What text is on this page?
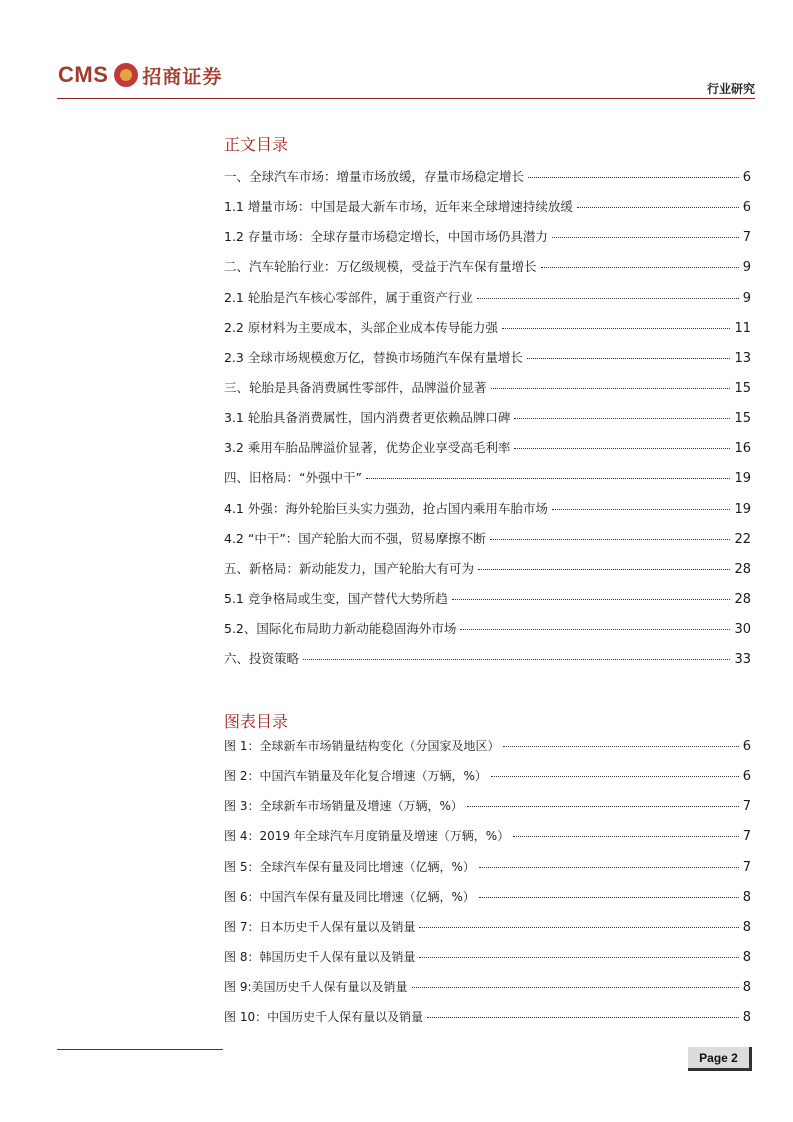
CMS 招商证券
行业研究
正文目录
一、全球汽车市场：增量市场放缓，存量市场稳定增长	6
1.1 增量市场：中国是最大新车市场，近年来全球增速持续放缓	6
1.2 存量市场：全球存量市场稳定增长，中国市场仍具潜力	7
二、汽车轮胎行业：万亿级规模，受益于汽车保有量增长	9
2.1 轮胎是汽车核心零部件，属于重资产行业	9
2.2 原材料为主要成本，头部企业成本传导能力强	11
2.3 全球市场规模愈万亿，替换市场随汽车保有量增长	13
三、轮胎是具备消费属性零部件，品牌溢价显著	15
3.1 轮胎具备消费属性，国内消费者更依赖品牌口碑	15
3.2 乘用车胎品牌溢价显著，优势企业享受高毛利率	16
四、旧格局：“外强中干”	19
4.1 外强：海外轮胎巨头实力强劲，抢占国内乘用车胎市场	19
4.2 “中干”：国产轮胎大而不强，贸易摩擦不断	22
五、新格局：新动能发力，国产轮胎大有可为	28
5.1 竞争格局或生变，国产替代大势所趋	28
5.2、国际化布局助力新动能稳固海外市场	30
六、投资策略	33
图表目录
图 1：全球新车市场销量结构变化（分国家及地区）	6
图 2：中国汽车销量及年化复合增速（万辆，%）	6
图 3：全球新车市场销量及增速（万辆，%）	7
图 4：2019 年全球汽车月度销量及增速（万辆，%）	7
图 5：全球汽车保有量及同比增速（亿辆，%）	7
图 6：中国汽车保有量及同比增速（亿辆，%）	8
图 7：日本历史千人保有量以及销量	8
图 8：韩国历史千人保有量以及销量	8
图 9:美国历史千人保有量以及销量	8
图 10：中国历史千人保有量以及销量	8
Page 2
